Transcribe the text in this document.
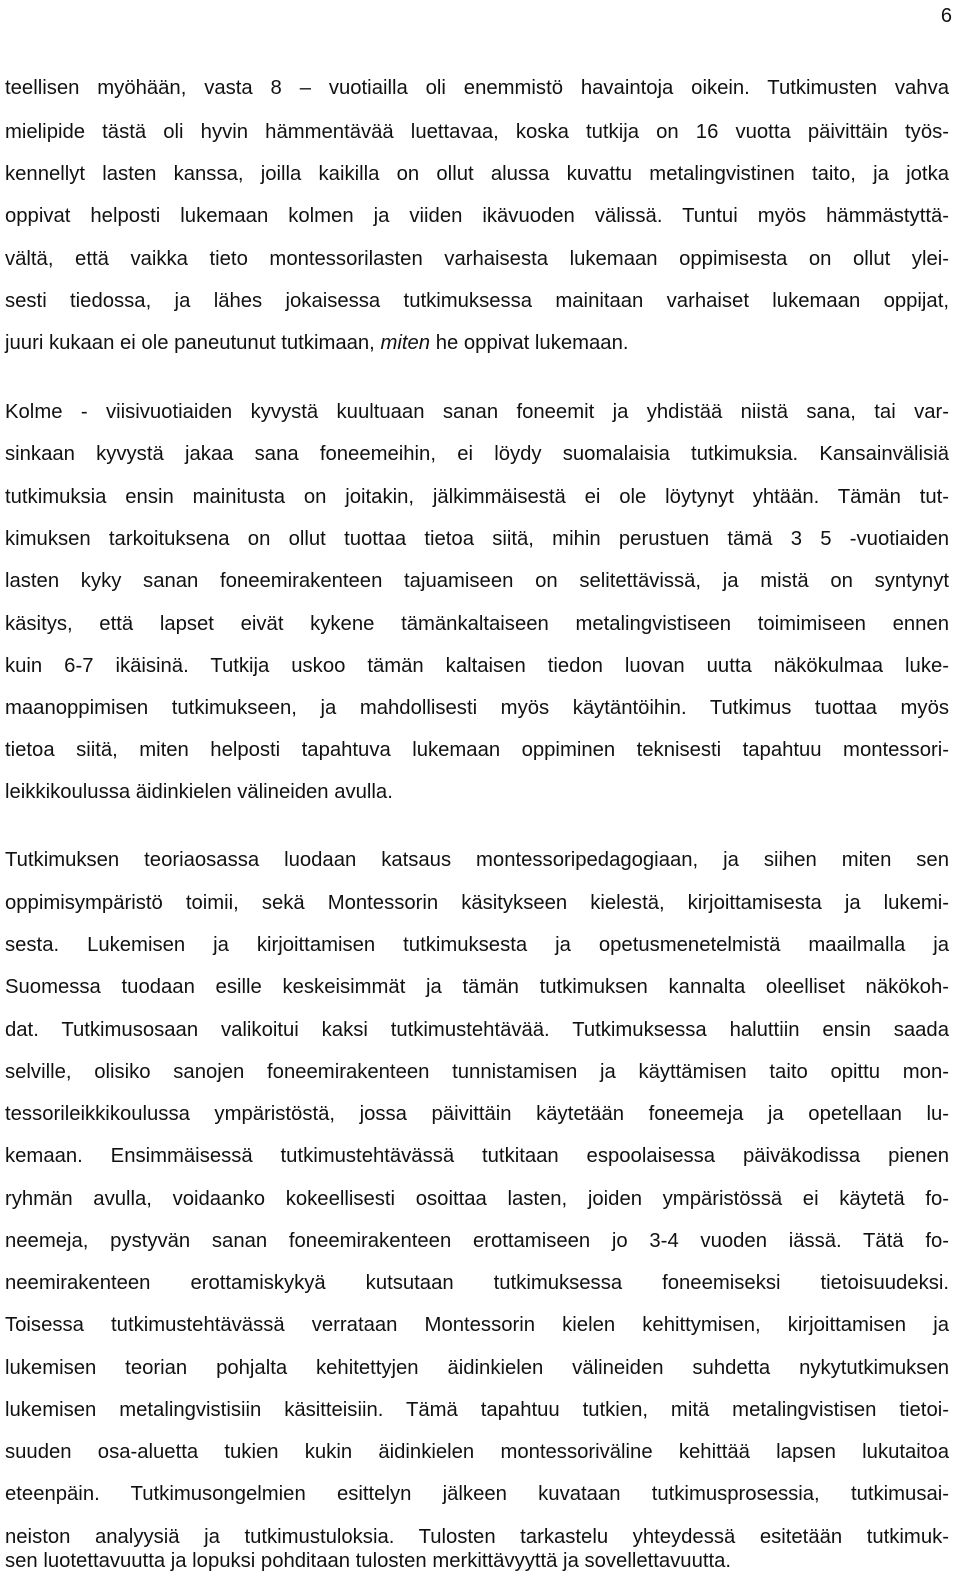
6
teellisen myöhään, vasta 8 – vuotiailla oli enemmistö havaintoja oikein. Tutkimusten vahva
mielipide tästä oli hyvin hämmentävää luettavaa, koska tutkija on 16 vuotta päivittäin työs-
kennellyt lasten kanssa, joilla kaikilla on ollut alussa kuvattu metalingvistinen taito, ja jotka
oppivat helposti lukemaan kolmen ja viiden ikävuoden välissä. Tuntui myös hämmästyttä-
vältä, että vaikka tieto montessorilasten varhaisesta lukemaan oppimisesta on ollut ylei-
sesti tiedossa, ja lähes jokaisessa tutkimuksessa mainitaan varhaiset lukemaan oppijat,
juuri kukaan ei ole paneutunut tutkimaan, miten he oppivat lukemaan.
Kolme - viisivuotiaiden kyvystä kuultuaan sanan foneemit ja yhdistää niistä sana, tai var-
sinkaan kyvystä jakaa sana foneemeihin, ei löydy suomalaisia tutkimuksia. Kansainvälisiä
tutkimuksia ensin mainitusta on joitakin, jälkimmäisestä ei ole löytynyt yhtään. Tämän tut-
kimuksen tarkoituksena on ollut tuottaa tietoa siitä, mihin perustuen tämä 3 5 -vuotiaiden
lasten kyky sanan foneemirakenteen tajuamiseen on selitettävissä, ja mistä on syntynyt
käsitys, että lapset eivät kykene tämänkaltaiseen metalingvistiseen toimimiseen ennen
kuin 6-7 ikäisinä. Tutkija uskoo tämän kaltaisen tiedon luovan uutta näkökulmaa luke-
maanoppimisen tutkimukseen, ja mahdollisesti myös käytäntöihin. Tutkimus tuottaa myös
tietoa siitä, miten helposti tapahtuva lukemaan oppiminen teknisesti tapahtuu montessori-
leikkikoulussa äidinkielen välineiden avulla.
Tutkimuksen teoriaosassa luodaan katsaus montessoripedagogiaan, ja siihen miten sen
oppimisympäristö toimii, sekä Montessorin käsitykseen kielestä, kirjoittamisesta ja lukemi-
sesta. Lukemisen ja kirjoittamisen tutkimuksesta ja opetusmenetelmistä maailmalla ja
Suomessa tuodaan esille keskeisimmät ja tämän tutkimuksen kannalta oleelliset näkökoh-
dat. Tutkimusosaan valikoitui kaksi tutkimustehtävää. Tutkimuksessa haluttiin ensin saada
selville, olisiko sanojen foneemirakenteen tunnistamisen ja käyttämisen taito opittu mon-
tessorileikkikoulussa ympäristöstä, jossa päivittäin käytetään foneemeja ja opetellaan lu-
kemaan. Ensimmäisessä tutkimustehtävässä tutkitaan espoolaisessa päiväkodissa pienen
ryhmän avulla, voidaanko kokeellisesti osoittaa lasten, joiden ympäristössä ei käytetä fo-
neemeja, pystyvän sanan foneemirakenteen erottamiseen jo 3-4 vuoden iässä. Tätä fo-
neemirakenteen erottamiskykyä kutsutaan tutkimuksessa foneemiseksi tietoisuudeksi.
Toisessa tutkimustehtävässä verrataan Montessorin kielen kehittymisen, kirjoittamisen ja
lukemisen teorian pohjalta kehitettyjen äidinkielen välineiden suhdetta nykytutkimuksen
lukemisen metalingvistisiin käsitteisiin. Tämä tapahtuu tutkien, mitä metalingvistisen tietoi-
suuden osa-aluetta tukien kukin äidinkielen montessoriväline kehittää lapsen lukutaitoa
eteenpäin. Tutkimusongelmien esittelyn jälkeen kuvataan tutkimusprosessia, tutkimusai-
neiston analyysiä ja tutkimustuloksia. Tulosten tarkastelu yhteydessä esitetään tutkimuk-
sen luotettavuutta ja lopuksi pohditaan tulosten merkittävyyttä ja sovellettavuutta.
